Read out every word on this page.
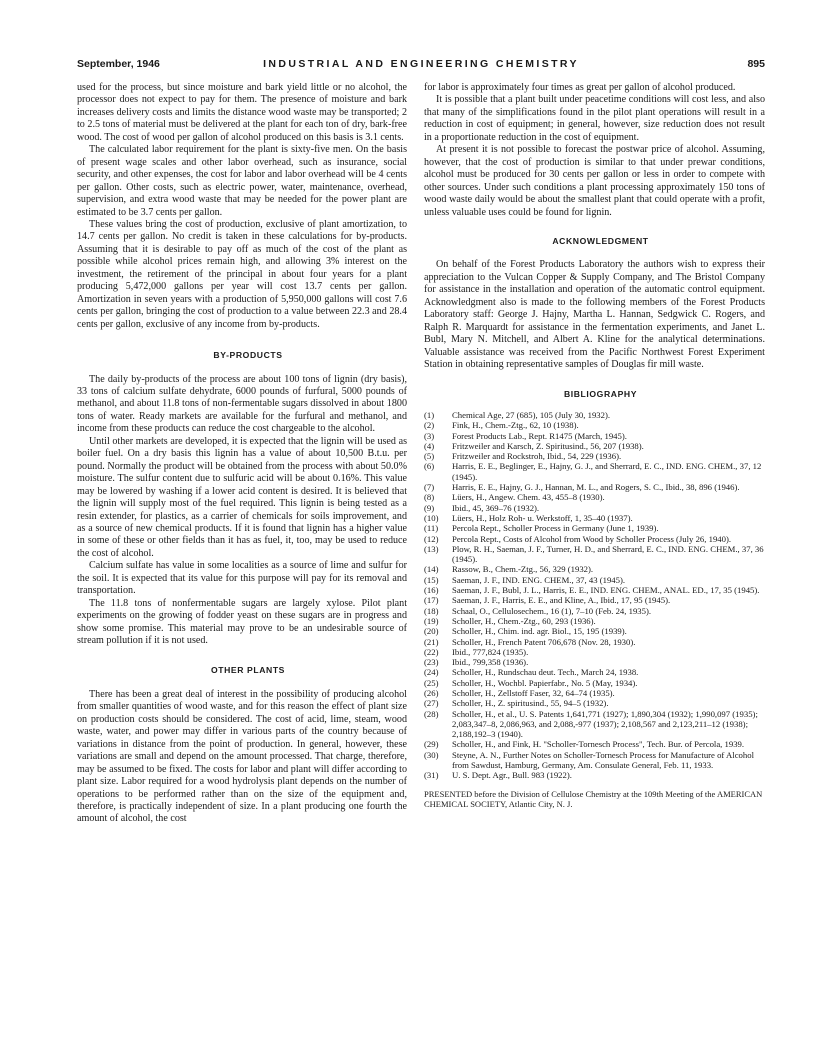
September, 1946	INDUSTRIAL AND ENGINEERING CHEMISTRY	895

used for the process, but since moisture and bark yield little or no alcohol, the processor does not expect to pay for them. The presence of moisture and bark increases delivery costs and limits the distance wood waste may be transported; 2 to 2.5 tons of material must be delivered at the plant for each ton of dry, bark-free wood. The cost of wood per gallon of alcohol produced on this basis is 3.1 cents.

The calculated labor requirement for the plant is sixty-five men. On the basis of present wage scales and other labor overhead, such as insurance, social security, and other expenses, the cost for labor and labor overhead will be 4 cents per gallon. Other costs, such as electric power, water, maintenance, overhead, supervision, and extra wood waste that may be needed for the power plant are estimated to be 3.7 cents per gallon.

These values bring the cost of production, exclusive of plant amortization, to 14.7 cents per gallon. No credit is taken in these calculations for by-products. Assuming that it is desirable to pay off as much of the cost of the plant as possible while alcohol prices remain high, and allowing 3% interest on the investment, the retirement of the principal in about four years for a plant producing 5,472,000 gallons per year will cost 13.7 cents per gallon. Amortization in seven years with a production of 5,950,000 gallons will cost 7.6 cents per gallon, bringing the cost of production to a value between 22.3 and 28.4 cents per gallon, exclusive of any income from by-products.

BY-PRODUCTS

The daily by-products of the process are about 100 tons of lignin (dry basis), 33 tons of calcium sulfate dehydrate, 6000 pounds of furfural, 5000 pounds of methanol, and about 11.8 tons of non-fermentable sugars dissolved in about 1800 tons of water. Ready markets are available for the furfural and methanol, and income from these products can reduce the cost chargeable to the alcohol.

Until other markets are developed, it is expected that the lignin will be used as boiler fuel. On a dry basis this lignin has a value of about 10,500 B.t.u. per pound. Normally the product will be obtained from the process with about 50.0% moisture. The sulfur content due to sulfuric acid will be about 0.16%. This value may be lowered by washing if a lower acid content is desired. It is believed that the lignin will supply most of the fuel required. This lignin is being tested as a resin extender, for plastics, as a carrier of chemicals for soils improvement, and as a source of new chemical products. If it is found that lignin has a higher value in some of these or other fields than it has as fuel, it, too, may be used to reduce the cost of alcohol.

Calcium sulfate has value in some localities as a source of lime and sulfur for the soil. It is expected that its value for this purpose will pay for its removal and transportation.

The 11.8 tons of nonfermentable sugars are largely xylose. Pilot plant experiments on the growing of fodder yeast on these sugars are in progress and show some promise. This material may prove to be an undesirable source of stream pollution if it is not used.

OTHER PLANTS

There has been a great deal of interest in the possibility of producing alcohol from smaller quantities of wood waste, and for this reason the effect of plant size on production costs should be considered. The cost of acid, lime, steam, wood waste, water, and power may differ in various parts of the country because of variations in distance from the point of production. In general, however, these variations are small and depend on the amount processed. That charge, therefore, may be assumed to be fixed. The costs for labor and plant will differ according to plant size. Labor required for a wood hydrolysis plant depends on the number of operations to be performed rather than on the size of the equipment and, therefore, is practically independent of size. In a plant producing one fourth the amount of alcohol, the cost

for labor is approximately four times as great per gallon of alcohol produced.

It is possible that a plant built under peacetime conditions will cost less, and also that many of the simplifications found in the pilot plant operations will result in a reduction in cost of equipment; in general, however, size reduction does not result in a proportionate reduction in the cost of equipment.

At present it is not possible to forecast the postwar price of alcohol. Assuming, however, that the cost of production is similar to that under prewar conditions, alcohol must be produced for 30 cents per gallon or less in order to compete with other sources. Under such conditions a plant processing approximately 150 tons of wood waste daily would be about the smallest plant that could operate with a profit, unless valuable uses could be found for lignin.

ACKNOWLEDGMENT

On behalf of the Forest Products Laboratory the authors wish to express their appreciation to the Vulcan Copper & Supply Company, and The Bristol Company for assistance in the installation and operation of the automatic control equipment. Acknowledgment also is made to the following members of the Forest Products Laboratory staff: George J. Hajny, Martha L. Hannan, Sedgwick C. Rogers, and Ralph R. Marquardt for assistance in the fermentation experiments, and Janet L. Bubl, Mary N. Mitchell, and Albert A. Kline for the analytical determinations. Valuable assistance was received from the Pacific Northwest Forest Experiment Station in obtaining representative samples of Douglas fir mill waste.

BIBLIOGRAPHY

(1)	Chemical Age, 27 (685), 105 (July 30, 1932).
(2)	Fink, H., Chem.-Ztg., 62, 10 (1938).
(3)	Forest Products Lab., Rept. R1475 (March, 1945).
(4)	Fritzweiler and Karsch, Z. Spiritusind., 56, 207 (1938).
(5)	Fritzweiler and Rockstroh, Ibid., 54, 229 (1936).
(6)	Harris, E. E., Beglinger, E., Hajny, G. J., and Sherrard, E. C., IND. ENG. CHEM., 37, 12 (1945).
(7)	Harris, E. E., Hajny, G. J., Hannan, M. L., and Rogers, S. C., Ibid., 38, 896 (1946).
(8)	Lüers, H., Angew. Chem. 43, 455–8 (1930).
(9)	Ibid., 45, 369–76 (1932).
(10)	Lüers, H., Holz Roh- u. Werkstoff, 1, 35–40 (1937).
(11)	Percola Rept., Scholler Process in Germany (June 1, 1939).
(12)	Percola Rept., Costs of Alcohol from Wood by Scholler Process (July 26, 1940).
(13)	Plow, R. H., Saeman, J. F., Turner, H. D., and Sherrard, E. C., IND. ENG. CHEM., 37, 36 (1945).
(14)	Rassow, B., Chem.-Ztg., 56, 329 (1932).
(15)	Saeman, J. F., IND. ENG. CHEM., 37, 43 (1945).
(16)	Saeman, J. F., Bubl, J. L., Harris, E. E., IND. ENG. CHEM., ANAL. ED., 17, 35 (1945).
(17)	Saeman, J. F., Harris, E. E., and Kline, A., Ibid., 17, 95 (1945).
(18)	Schaal, O., Cellulosechem., 16 (1), 7–10 (Feb. 24, 1935).
(19)	Scholler, H., Chem.-Ztg., 60, 293 (1936).
(20)	Scholler, H., Chim. ind. agr. Biol., 15, 195 (1939).
(21)	Scholler, H., French Patent 706,678 (Nov. 28, 1930).
(22)	Ibid., 777,824 (1935).
(23)	Ibid., 799,358 (1936).
(24)	Scholler, H., Rundschau deut. Tech., March 24, 1938.
(25)	Scholler, H., Wochbl. Papierfabr., No. 5 (May, 1934).
(26)	Scholler, H., Zellstoff Faser, 32, 64–74 (1935).
(27)	Scholler, H., Z. spiritusind., 55, 94–5 (1932).
(28)	Scholler, H., et al., U. S. Patents 1,641,771 (1927); 1,890,304 (1932); 1,990,097 (1935); 2,083,347–8, 2,086,963, and 2,088,-977 (1937); 2,108,567 and 2,123,211–12 (1938); 2,188,192–3 (1940).
(29)	Scholler, H., and Fink, H. "Scholler-Tornesch Process", Tech. Bur. of Percola, 1939.
(30)	Steyne, A. N., Further Notes on Scholler-Tornesch Process for Manufacture of Alcohol from Sawdust, Hamburg, Germany, Am. Consulate General, Feb. 11, 1933.
(31)	U. S. Dept. Agr., Bull. 983 (1922).

PRESENTED before the Division of Cellulose Chemistry at the 109th Meeting of the AMERICAN CHEMICAL SOCIETY, Atlantic City, N. J.
